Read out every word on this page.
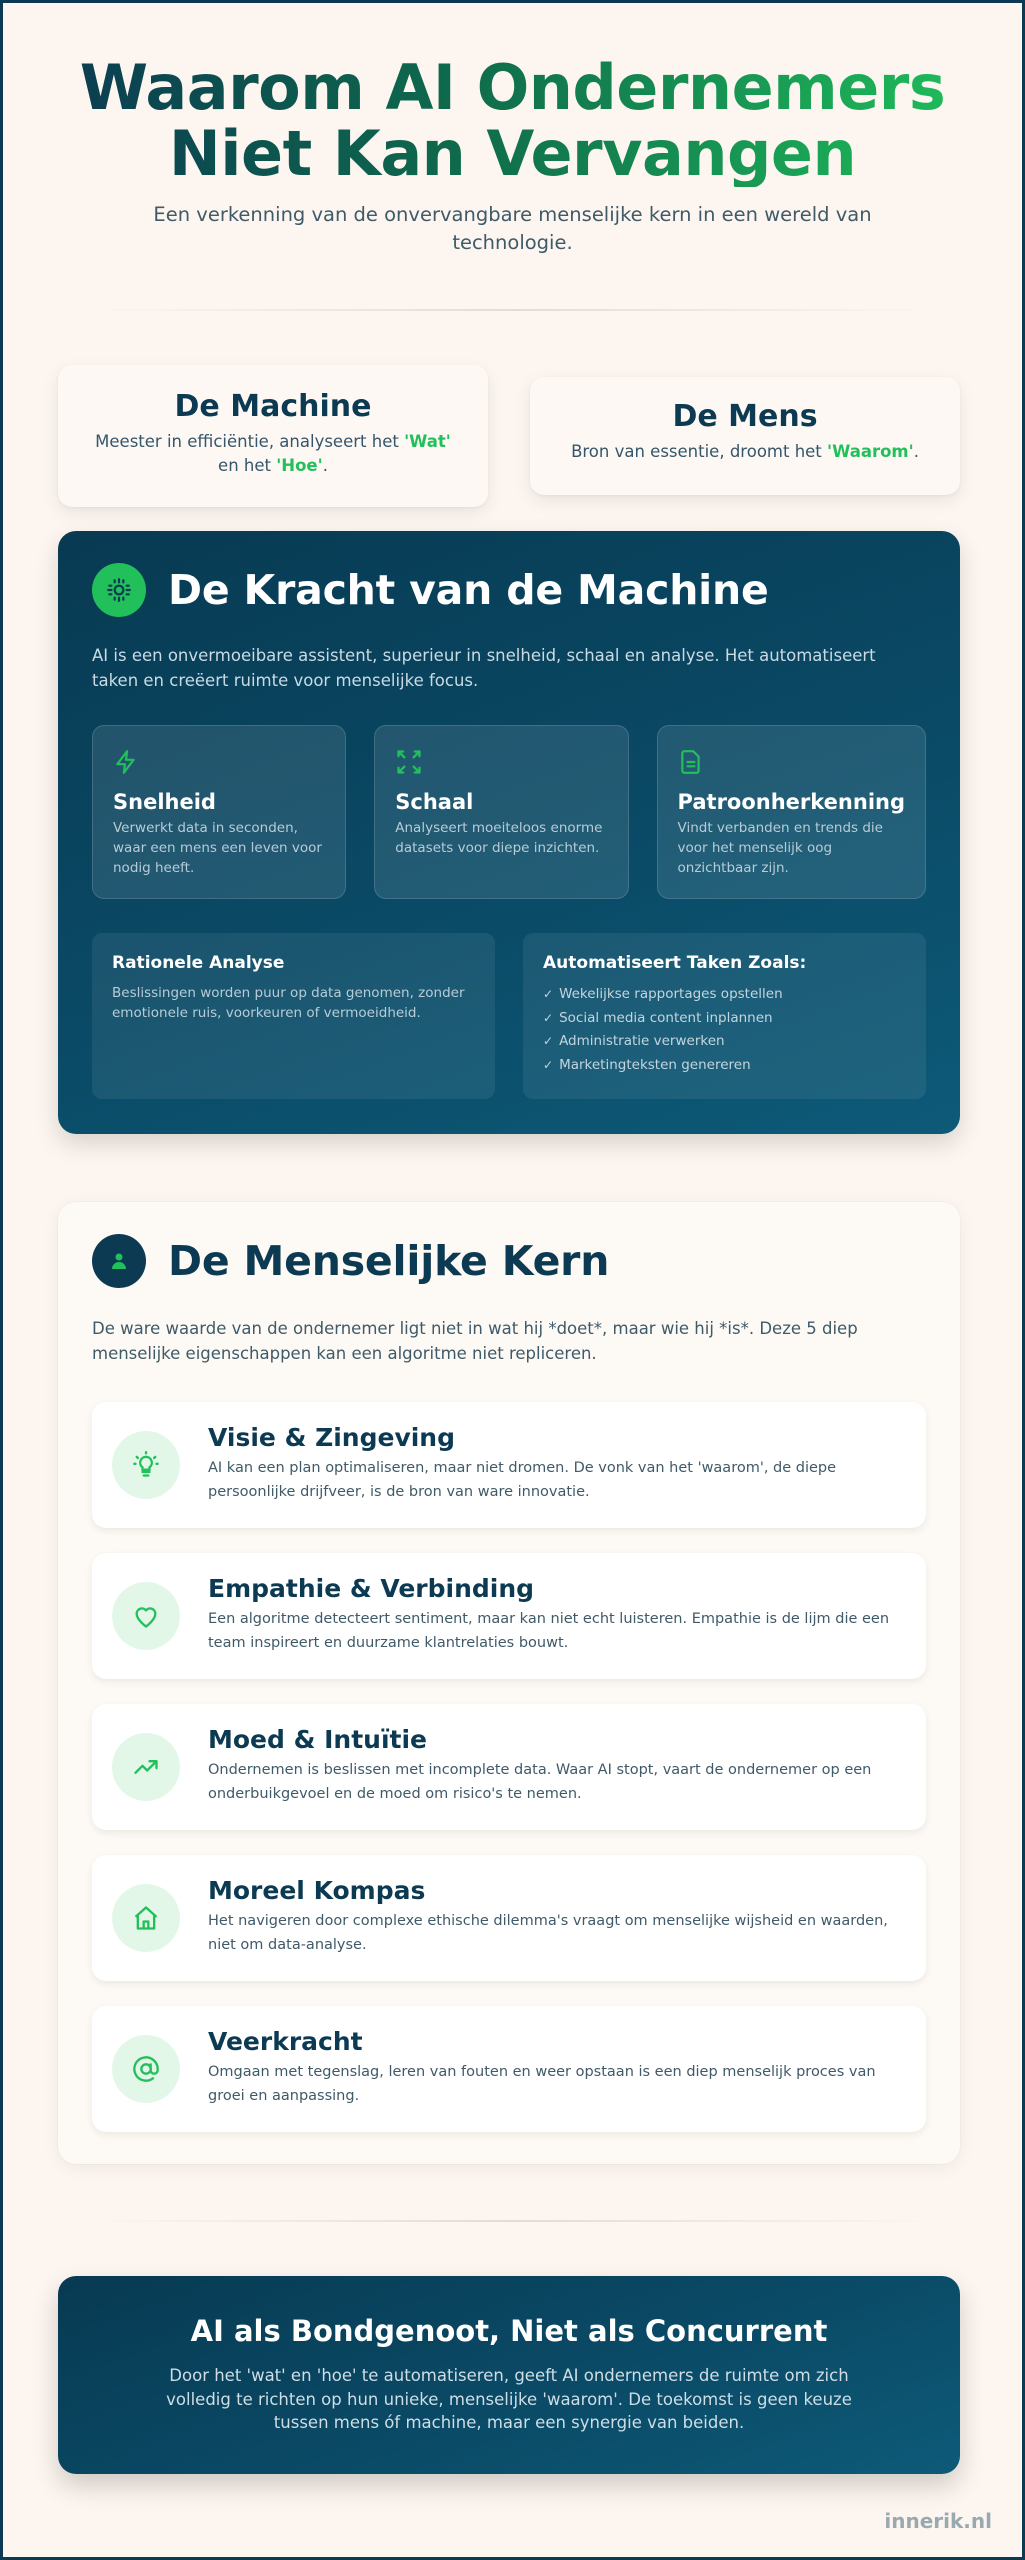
Waarom AI Ondernemers
Niet Kan Vervangen

Een verkenning van de onvervangbare menselijke kern in een wereld van technologie.

De Machine

Meester in efficiëntie, analyseert het 'Wat' en het 'Hoe'.

De Mens

Bron van essentie, droomt het 'Waarom'.

De Kracht van de Machine

AI is een onvermoeibare assistent, superieur in snelheid, schaal en analyse. Het automatiseert taken en creëert ruimte voor menselijke focus.

Snelheid
Verwerkt data in seconden, waar een mens een leven voor nodig heeft.
Schaal
Analyseert moeiteloos enorme datasets voor diepe inzichten.
Patroonherkenning
Vindt verbanden en trends die voor het menselijk oog onzichtbaar zijn.
Rationele Analyse
Beslissingen worden puur op data genomen, zonder emotionele ruis, voorkeuren of vermoeidheid.
Automatiseert Taken Zoals:
✓ Wekelijkse rapportages opstellen
✓ Social media content inplannen
✓ Administratie verwerken
✓ Marketingteksten genereren
De Menselijke Kern

De ware waarde van de ondernemer ligt niet in wat hij *doet*, maar wie hij *is*. Deze 5 diep menselijke eigenschappen kan een algoritme niet repliceren.

Visie & Zingeving
AI kan een plan optimaliseren, maar niet dromen. De vonk van het 'waarom', de diepe persoonlijke drijfveer, is de bron van ware innovatie.
Empathie & Verbinding
Een algoritme detecteert sentiment, maar kan niet echt luisteren. Empathie is de lijm die een team inspireert en duurzame klantrelaties bouwt.
Moed & Intuïtie
Ondernemen is beslissen met incomplete data. Waar AI stopt, vaart de ondernemer op een onderbuikgevoel en de moed om risico's te nemen.
Moreel Kompas
Het navigeren door complexe ethische dilemma's vraagt om menselijke wijsheid en waarden, niet om data-analyse.
Veerkracht
Omgaan met tegenslag, leren van fouten en weer opstaan is een diep menselijk proces van groei en aanpassing.
AI als Bondgenoot, Niet als Concurrent

Door het 'wat' en 'hoe' te automatiseren, geeft AI ondernemers de ruimte om zich volledig te richten op hun unieke, menselijke 'waarom'. De toekomst is geen keuze tussen mens óf machine, maar een synergie van beiden.

innerik.nl
